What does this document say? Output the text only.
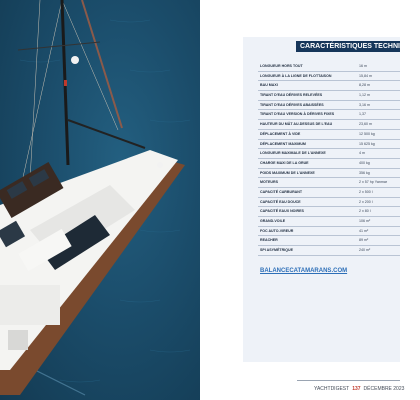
CARACTÉRISTIQUES TECHNIQUES
LONGUEUR HORS TOUT	16 m
LONGUEUR À LA LIGNE DE FLOTTAISON	15,84 m
BAU MAXI	8,28 m
TIRANT D'EAU DÉRIVES RELEVÉES	1,12 m
TIRANT D'EAU DÉRIVES ABAISSÉES	3,16 m
TIRANT D'EAU VERSION À DÉRIVES FIXES	1,37
HAUTEUR DU MÂT AU-DESSUS DE L'EAU	23,60 m
DÉPLACEMENT À VIDE	12 500 kg
DÉPLACEMENT MAXIMUM	15 625 kg
LONGUEUR MAXIMALE DE L'ANNEXE	4 m
CHARGE MAXI DE LA GRUE	400 kg
POIDS MAXIMUM DE L'ANNEXE	356 kg
MOTEURS	2 x 57 hp Yanmar
CAPACITÉ CARBURANT	2 x 500 l
CAPACITÉ EAU DOUCE	2 x 200 l
CAPACITÉ EAUX NOIRES	2 x 80 l
GRAND-VOILE	106 m²
FOC AUTO-VIREUR	41 m²
REACHER	89 m²
SPI ASYMÉTRIQUE	240 m²
BALANCECATAMARANS.COM
YACHTDIGEST 137 DÉCEMBRE 2023
